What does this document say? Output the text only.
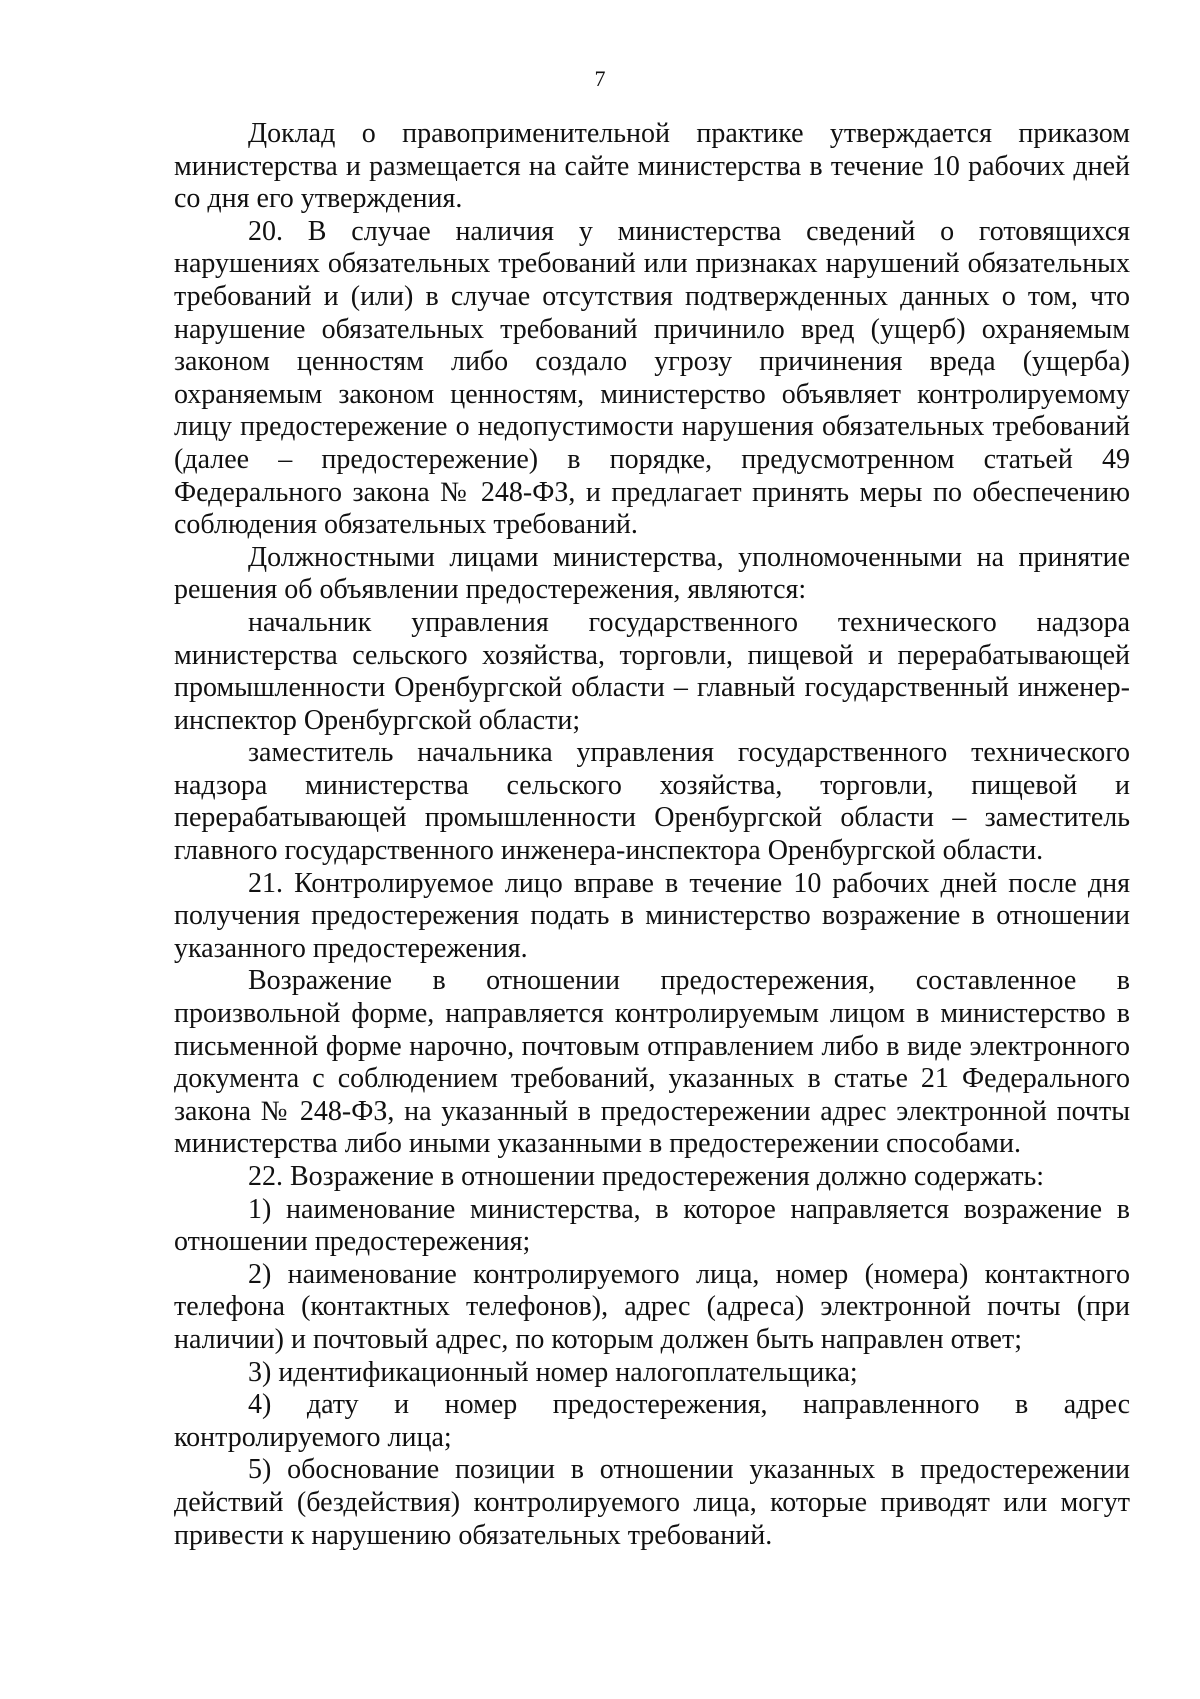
7

Доклад о правоприменительной практике утверждается приказом министерства и размещается на сайте министерства в течение 10 рабочих дней со дня его утверждения.

20. В случае наличия у министерства сведений о готовящихся нарушениях обязательных требований или признаках нарушений обязательных требований и (или) в случае отсутствия подтвержденных данных о том, что нарушение обязательных требований причинило вред (ущерб) охраняемым законом ценностям либо создало угрозу причинения вреда (ущерба) охраняемым законом ценностям, министерство объявляет контролируемому лицу предостережение о недопустимости нарушения обязательных требований (далее – предостережение) в порядке, предусмотренном статьей 49 Федерального закона № 248-ФЗ, и предлагает принять меры по обеспечению соблюдения обязательных требований.

Должностными лицами министерства, уполномоченными на принятие решения об объявлении предостережения, являются:

начальник управления государственного технического надзора министерства сельского хозяйства, торговли, пищевой и перерабатывающей промышленности Оренбургской области – главный государственный инженер-инспектор Оренбургской области;

заместитель начальника управления государственного технического надзора министерства сельского хозяйства, торговли, пищевой и перерабатывающей промышленности Оренбургской области – заместитель главного государственного инженера-инспектора Оренбургской области.

21. Контролируемое лицо вправе в течение 10 рабочих дней после дня получения предостережения подать в министерство возражение в отношении указанного предостережения.

Возражение в отношении предостережения, составленное в произвольной форме, направляется контролируемым лицом в министерство в письменной форме нарочно, почтовым отправлением либо в виде электронного документа с соблюдением требований, указанных в статье 21 Федерального закона № 248-ФЗ, на указанный в предостережении адрес электронной почты министерства либо иными указанными в предостережении способами.

22. Возражение в отношении предостережения должно содержать:

1) наименование министерства, в которое направляется возражение в отношении предостережения;

2) наименование контролируемого лица, номер (номера) контактного телефона (контактных телефонов), адрес (адреса) электронной почты (при наличии) и почтовый адрес, по которым должен быть направлен ответ;

3) идентификационный номер налогоплательщика;

4) дату и номер предостережения, направленного в адрес контролируемого лица;

5) обоснование позиции в отношении указанных в предостережении действий (бездействия) контролируемого лица, которые приводят или могут привести к нарушению обязательных требований.
